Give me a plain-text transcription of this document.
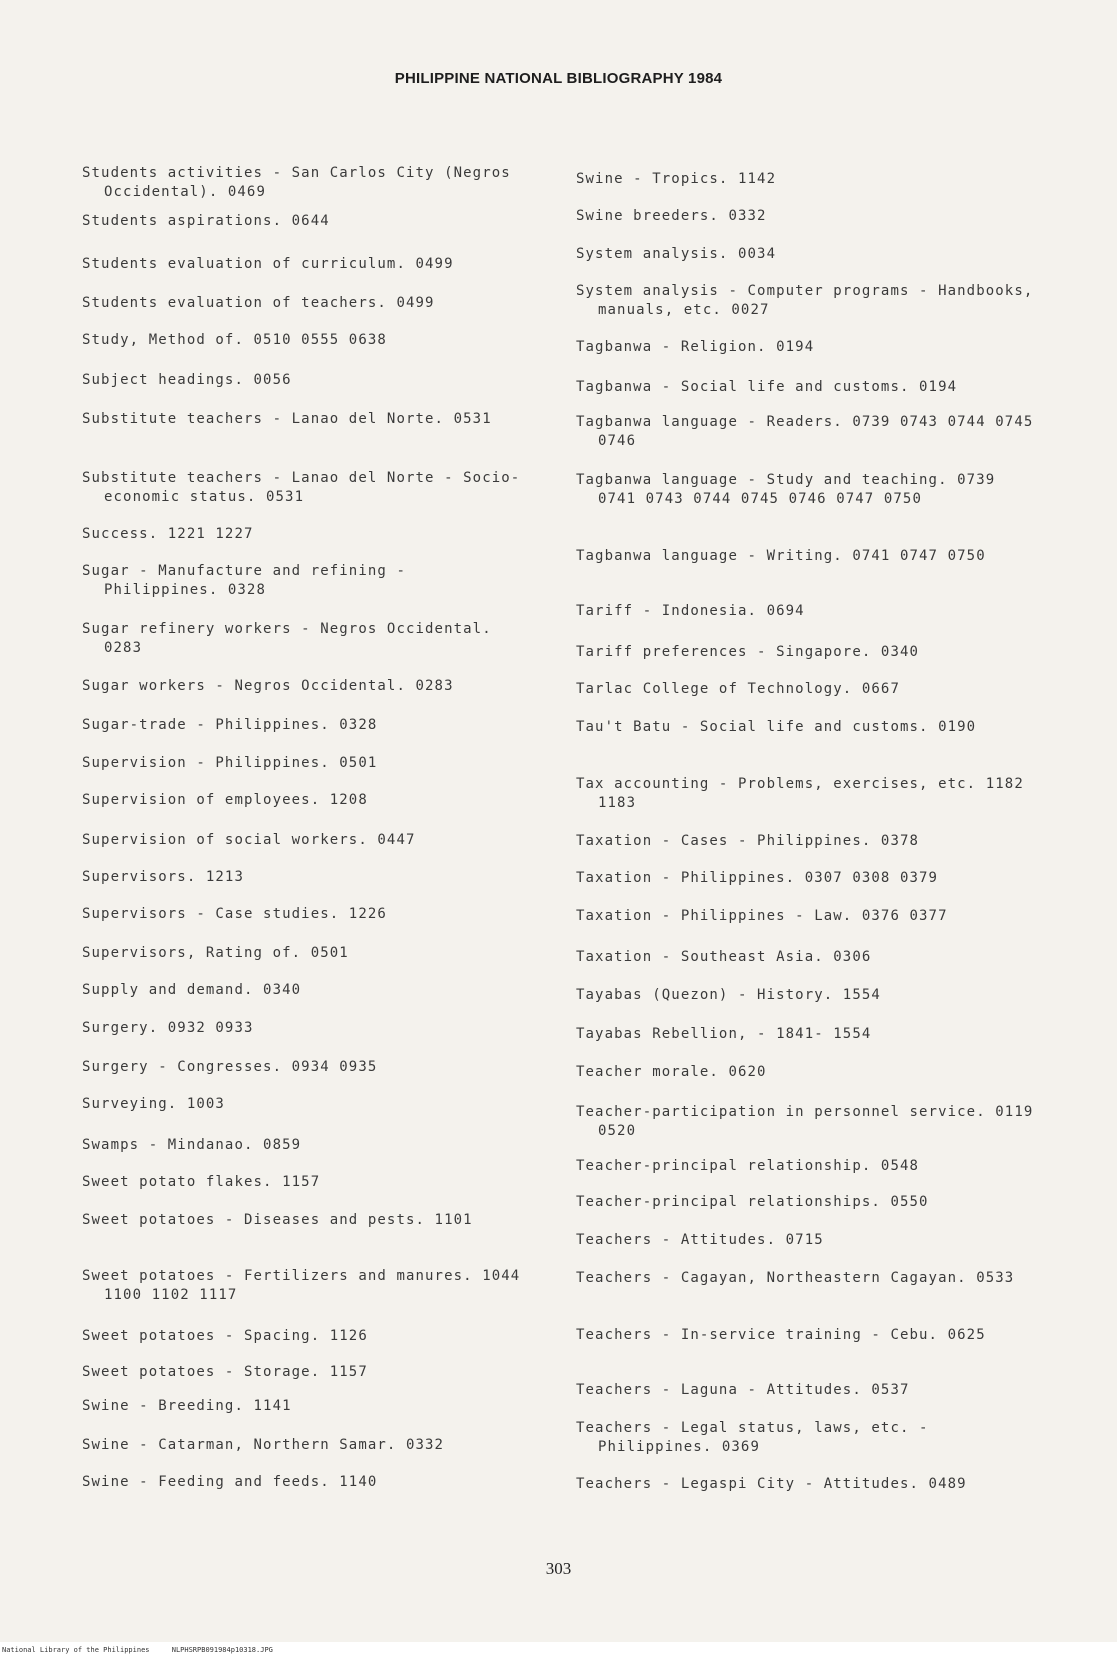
PHILIPPINE NATIONAL BIBLIOGRAPHY 1984
Students activities - San Carlos City (Negros Occidental). 0469
Students aspirations. 0644
Students evaluation of curriculum. 0499
Students evaluation of teachers. 0499
Study, Method of. 0510 0555 0638
Subject headings. 0056
Substitute teachers - Lanao del Norte. 0531
Substitute teachers - Lanao del Norte - Socio-economic status. 0531
Success. 1221 1227
Sugar - Manufacture and refining - Philippines. 0328
Sugar refinery workers - Negros Occidental. 0283
Sugar workers - Negros Occidental. 0283
Sugar-trade - Philippines. 0328
Supervision - Philippines. 0501
Supervision of employees. 1208
Supervision of social workers. 0447
Supervisors. 1213
Supervisors - Case studies. 1226
Supervisors, Rating of. 0501
Supply and demand. 0340
Surgery. 0932 0933
Surgery - Congresses. 0934 0935
Surveying. 1003
Swamps - Mindanao. 0859
Sweet potato flakes. 1157
Sweet potatoes - Diseases and pests. 1101
Sweet potatoes - Fertilizers and manures. 1044 1100 1102 1117
Sweet potatoes - Spacing. 1126
Sweet potatoes - Storage. 1157
Swine - Breeding. 1141
Swine - Catarman, Northern Samar. 0332
Swine - Feeding and feeds. 1140
Swine - Tropics. 1142
Swine breeders. 0332
System analysis. 0034
System analysis - Computer programs - Handbooks, manuals, etc. 0027
Tagbanwa - Religion. 0194
Tagbanwa - Social life and customs. 0194
Tagbanwa language - Readers. 0739 0743 0744 0745 0746
Tagbanwa language - Study and teaching. 0739 0741 0743 0744 0745 0746 0747 0750
Tagbanwa language - Writing. 0741 0747 0750
Tariff - Indonesia. 0694
Tariff preferences - Singapore. 0340
Tarlac College of Technology. 0667
Tau't Batu - Social life and customs. 0190
Tax accounting - Problems, exercises, etc. 1182 1183
Taxation - Cases - Philippines. 0378
Taxation - Philippines. 0307 0308 0379
Taxation - Philippines - Law. 0376 0377
Taxation - Southeast Asia. 0306
Tayabas (Quezon) - History. 1554
Tayabas Rebellion, - 1841- 1554
Teacher morale. 0620
Teacher-participation in personnel service. 0119 0520
Teacher-principal relationship. 0548
Teacher-principal relationships. 0550
Teachers - Attitudes. 0715
Teachers - Cagayan, Northeastern Cagayan. 0533
Teachers - In-service training - Cebu. 0625
Teachers - Laguna - Attitudes. 0537
Teachers - Legal status, laws, etc. - Philippines. 0369
Teachers - Legaspi City - Attitudes. 0489
303
National Library of the Philippines	NLPHSRPB091984p10318.JPG
